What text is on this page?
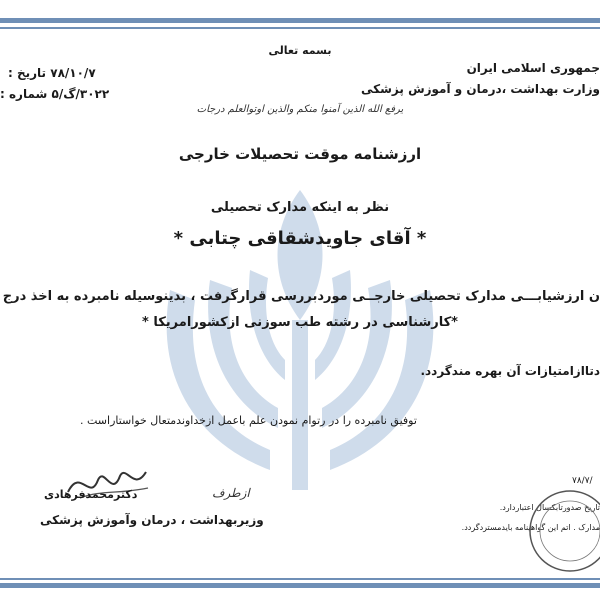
بسمه تعالی
جمهوری اسلامی ایران
وزارت بهداشت ،درمان و آموزش پزشکی
۷۸/۱۰/۷ تاریخ :
۳۰۲۲/گ/۵ شماره :
یرفع الله الذین آمنوا منکم والذین اوتوالعلم درجات
ارزشنامه موقت تحصیلات خارجی
نظر به اینکه مدارک تحصیلی
* آقای جاویدشقاقی چتابی *
ن ارزشیابـــی مدارک تحصیلی خارجــی موردبررسی قرارگرفت ، بدینوسیله نامبرده به اخذ درج
*کارشناسی در رشته طب سوزنی ازکشورامریکا *
دتاازامتیازات آن بهره مندگردد.
توفیق نامبرده را در رتوام نمودن علم باعمل ازخداوندمتعال خواستاراست .
۷۸/۷/
تاریخ صدورتابکسال اعتباردارد.
مدارک . اتم این گواهینامه بایدمستردگردد.
ازطرف
دکترمحمدفرهادی
وزیربهداشت ، درمان وآموزش پزشکی
